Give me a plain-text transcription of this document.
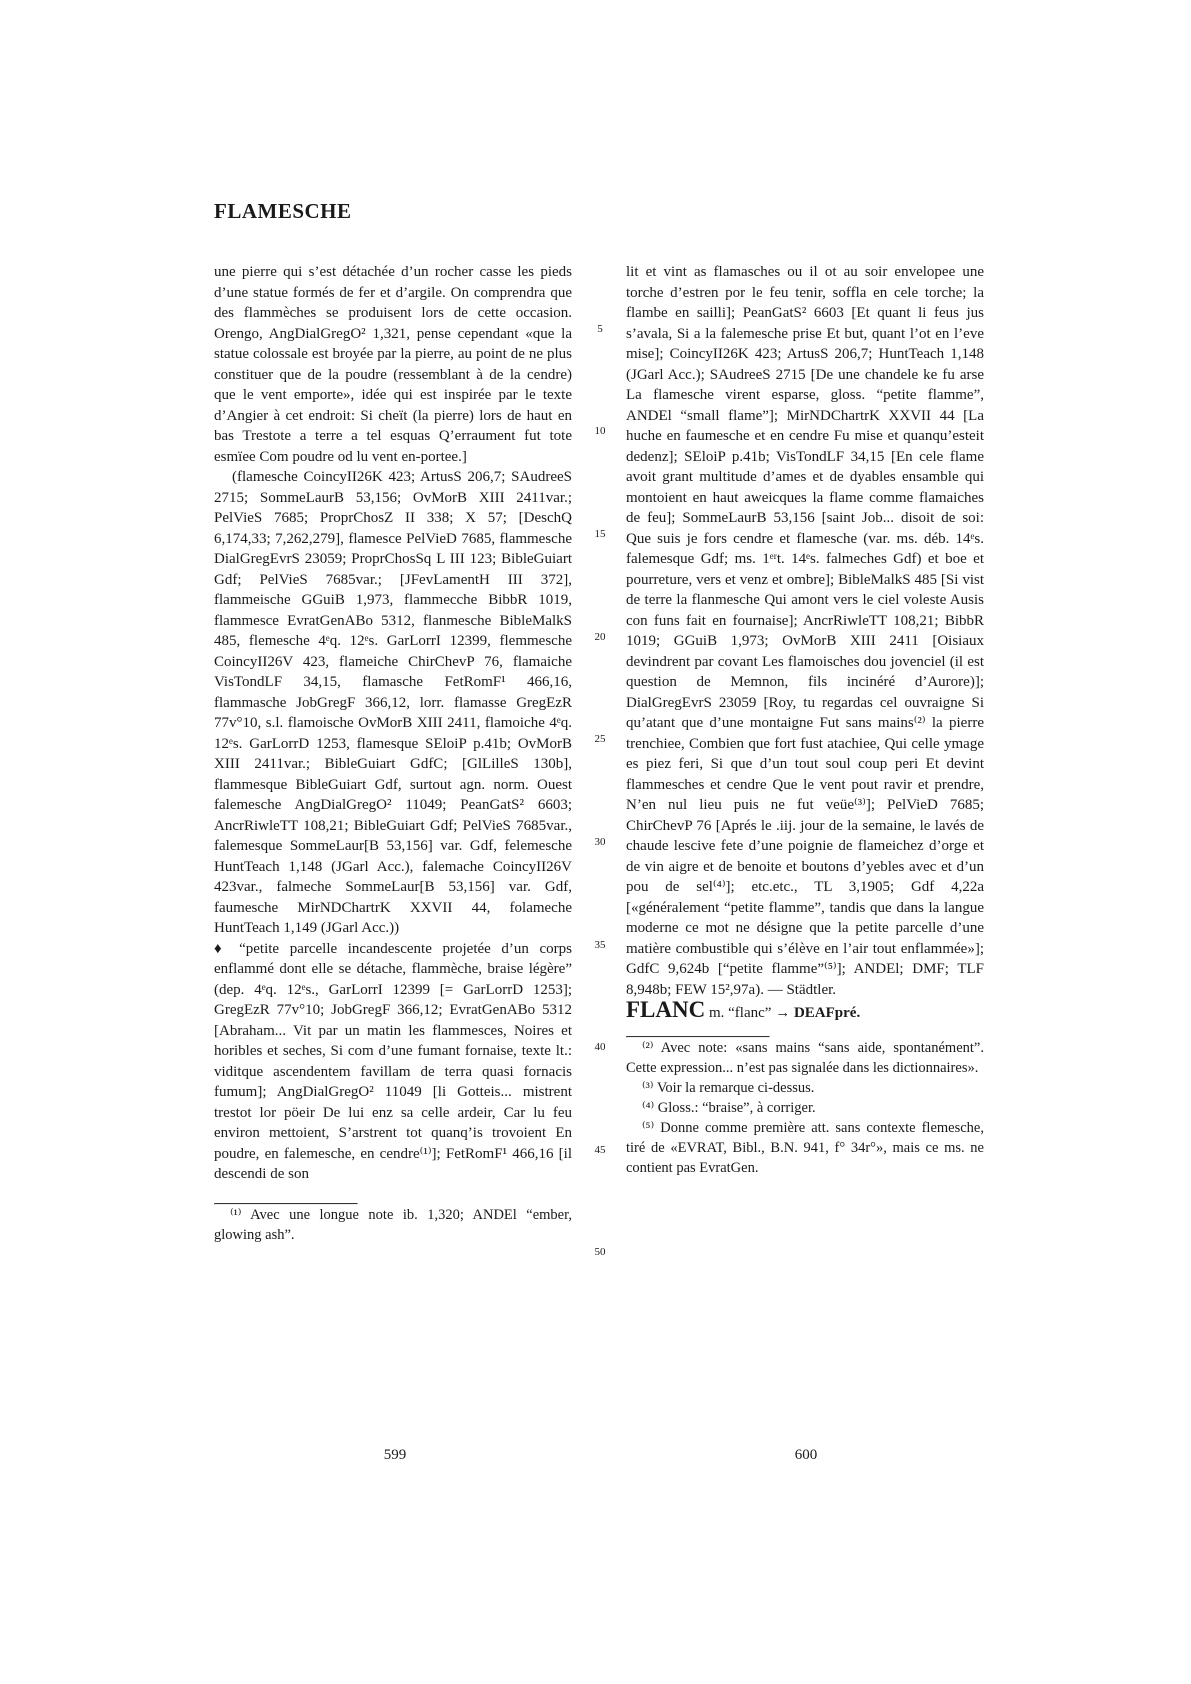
FLAMESCHE

une pierre qui s’est détachée d’un rocher casse les pieds d’une statue formés de fer et d’argile. On comprendra que des flammèches se produisent lors de cette occasion. Orengo, AngDialGregO² 1,321, pense cependant «que la statue colossale est broyée par la pierre, au point de ne plus constituer que de la poudre (ressemblant à de la cendre) que le vent emporte», idée qui est inspirée par le texte d’Angier à cet endroit: Si cheït (la pierre) lors de haut en bas Trestote a terre a tel esquas Q’erraument fut tote esmïee Com poudre od lu vent en-portee.]

(flamesche CoincyII26K 423; ArtusS 206,7; SAudreeS 2715; SommeLaurB 53,156; OvMorB XIII 2411var.; PelVieS 7685; ProprChosZ II 338; X 57; [DeschQ 6,174,33; 7,262,279], flamesce PelVieD 7685, flammesche DialGregEvrS 23059; ProprChosSq L III 123; BibleGuiart Gdf; PelVieS 7685var.; [JFevLamentH III 372], flammeische GGuiB 1,973, flammecche BibbR 1019, flammesce EvratGenABo 5312, flanmesche BibleMalkS 485, flemesche 4ᵉq. 12ᵉs. GarLorrI 12399, flemmesche CoincyII26V 423, flameiche ChirChevP 76, flamaiche VisTondLF 34,15, flamasche FetRomF¹ 466,16, flammasche JobGregF 366,12, lorr. flamasse GregEzR 77v°10, s.l. flamoische OvMorB XIII 2411, flamoiche 4ᵉq. 12ᵉs. GarLorrD 1253, flamesque SEloiP p.41b; OvMorB XIII 2411var.; BibleGuiart GdfC; [GlLilleS 130b], flammesque BibleGuiart Gdf, surtout agn. norm. Ouest falemesche AngDialGregO² 11049; PeanGatS² 6603; AncrRiwleTT 108,21; BibleGuiart Gdf; PelVieS 7685var., falemesque SommeLaur[B 53,156] var. Gdf, felemesche HuntTeach 1,148 (JGarl Acc.), falemache CoincyII26V 423var., falmeche SommeLaur[B 53,156] var. Gdf, faumesche MirNDChartrK XXVII 44, folameche HuntTeach 1,149 (JGarl Acc.))

♦ “petite parcelle incandescente projetée d’un corps enflammé dont elle se détache, flammèche, braise légère” (dep. 4ᵉq. 12ᵉs., GarLorrI 12399 [= GarLorrD 1253]; GregEzR 77v°10; JobGregF 366,12; EvratGenABo 5312 [Abraham... Vit par un matin les flammesces, Noires et horibles et seches, Si com d’une fumant fornaise, texte lt.: viditque ascendentem favillam de terra quasi fornacis fumum]; AngDialGregO² 11049 [li Gotteis... mistrent trestot lor pöeir De lui enz sa celle ardeir, Car lu feu environ mettoient, S’arstrent tot quanq’is trovoient En poudre, en falemesche, en cendre⁽¹⁾]; FetRomF¹ 466,16 [il descendi de son

⁽¹⁾ Avec une longue note ib. 1,320; ANDEl “ember, glowing ash”.

5
10
15
20
25
30
35
40
45
50

lit et vint as flamasches ou il ot au soir envelopee une torche d’estren por le feu tenir, soffla en cele torche; la flambe en sailli]; PeanGatS² 6603 [Et quant li feus jus s’avala, Si a la falemesche prise Et but, quant l’ot en l’eve mise]; CoincyII26K 423; ArtusS 206,7; HuntTeach 1,148 (JGarl Acc.); SAudreeS 2715 [De une chandele ke fu arse La flamesche virent esparse, gloss. “petite flamme”, ANDEl “small flame”]; MirNDChartrK XXVII 44 [La huche en faumesche et en cendre Fu mise et quanqu’esteit dedenz]; SEloiP p.41b; VisTondLF 34,15 [En cele flame avoit grant multitude d’ames et de dyables ensamble qui montoient en haut aweicques la flame comme flamaiches de feu]; SommeLaurB 53,156 [saint Job... disoit de soi: Que suis je fors cendre et flamesche (var. ms. déb. 14ᵉs. falemesque Gdf; ms. 1ᵉʳt. 14ᵉs. falmeches Gdf) et boe et pourreture, vers et venz et ombre]; BibleMalkS 485 [Si vist de terre la flanmesche Qui amont vers le ciel voleste Ausis con funs fait en fournaise]; AncrRiwleTT 108,21; BibbR 1019; GGuiB 1,973; OvMorB XIII 2411 [Oisiaux devindrent par covant Les flamoisches dou jovenciel (il est question de Memnon, fils incinéré d’Aurore)]; DialGregEvrS 23059 [Roy, tu regardas cel ouvraigne Si qu’atant que d’une montaigne Fut sans mains⁽²⁾ la pierre trenchiee, Combien que fort fust atachiee, Qui celle ymage es piez feri, Si que d’un tout soul coup peri Et devint flammesches et cendre Que le vent pout ravir et prendre, N’en nul lieu puis ne fut veüe⁽³⁾]; PelVieD 7685; ChirChevP 76 [Aprés le .iij. jour de la semaine, le lavés de chaude lescive fete d’une poignie de flameichez d’orge et de vin aigre et de benoite et boutons d’yebles avec et d’un pou de sel⁽⁴⁾]; etc.etc., TL 3,1905; Gdf 4,22a [«généralement “petite flamme”, tandis que dans la langue moderne ce mot ne désigne que la petite parcelle d’une matière combustible qui s’élève en l’air tout enflammée»]; GdfC 9,624b [“petite flamme”⁽⁵⁾]; ANDEl; DMF; TLF 8,948b; FEW 15²,97a). — Städtler.

FLANC m. “flanc” → DEAFpré.

⁽²⁾ Avec note: «sans mains “sans aide, spontanément”. Cette expression... n’est pas signalée dans les dictionnaires».

⁽³⁾ Voir la remarque ci-dessus.

⁽⁴⁾ Gloss.: “braise”, à corriger.

⁽⁵⁾ Donne comme première att. sans contexte flemesche, tiré de «EVRAT, Bibl., B.N. 941, f° 34r°», mais ce ms. ne contient pas EvratGen.

599	600
